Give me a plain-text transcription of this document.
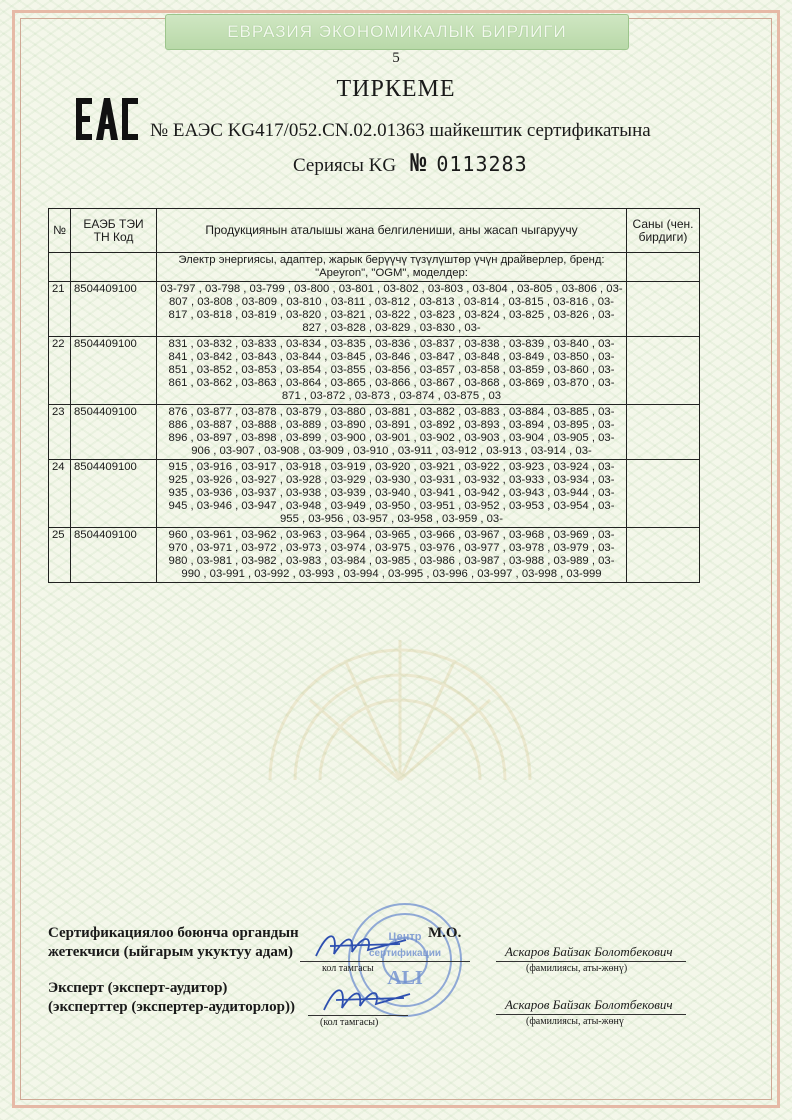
ЕВРАЗИЯ ЭКОНОМИКАЛЫК БИРЛИГИ
5
ТИРКЕМЕ
№ ЕАЭС KG417/052.CN.02.01363 шайкештик сертификатына
Сериясы KG № 0113283
№	ЕАЭБ ТЭИ ТН Код	Продукциянын аталышы жана белгилениши, аны жасап чыгаруучу	Саны (чен. бирдиги)
		Электр энергиясы, адаптер, жарык берүүчү түзүлүштөр үчүн драйверлер, бренд: "Apeyron", "OGM", моделдер:	
21	8504409100	03-797 , 03-798 , 03-799 , 03-800 , 03-801 , 03-802 , 03-803 , 03-804 , 03-805 , 03-806 , 03-807 , 03-808 , 03-809 , 03-810 , 03-811 , 03-812 , 03-813 , 03-814 , 03-815 , 03-816 , 03-817 , 03-818 , 03-819 , 03-820 , 03-821 , 03-822 , 03-823 , 03-824 , 03-825 , 03-826 , 03-827 , 03-828 , 03-829 , 03-830 , 03-	
22	8504409100	831 , 03-832 , 03-833 , 03-834 , 03-835 , 03-836 , 03-837 , 03-838 , 03-839 , 03-840 , 03-841 , 03-842 , 03-843 , 03-844 , 03-845 , 03-846 , 03-847 , 03-848 , 03-849 , 03-850 , 03-851 , 03-852 , 03-853 , 03-854 , 03-855 , 03-856 , 03-857 , 03-858 , 03-859 , 03-860 , 03-861 , 03-862 , 03-863 , 03-864 , 03-865 , 03-866 , 03-867 , 03-868 , 03-869 , 03-870 , 03-871 , 03-872 , 03-873 , 03-874 , 03-875 , 03	
23	8504409100	876 , 03-877 , 03-878 , 03-879 , 03-880 , 03-881 , 03-882 , 03-883 , 03-884 , 03-885 , 03-886 , 03-887 , 03-888 , 03-889 , 03-890 , 03-891 , 03-892 , 03-893 , 03-894 , 03-895 , 03-896 , 03-897 , 03-898 , 03-899 , 03-900 , 03-901 , 03-902 , 03-903 , 03-904 , 03-905 , 03-906 , 03-907 , 03-908 , 03-909 , 03-910 , 03-911 , 03-912 , 03-913 , 03-914 , 03-	
24	8504409100	915 , 03-916 , 03-917 , 03-918 , 03-919 , 03-920 , 03-921 , 03-922 , 03-923 , 03-924 , 03-925 , 03-926 , 03-927 , 03-928 , 03-929 , 03-930 , 03-931 , 03-932 , 03-933 , 03-934 , 03-935 , 03-936 , 03-937 , 03-938 , 03-939 , 03-940 , 03-941 , 03-942 , 03-943 , 03-944 , 03-945 , 03-946 , 03-947 , 03-948 , 03-949 , 03-950 , 03-951 , 03-952 , 03-953 , 03-954 , 03-955 , 03-956 , 03-957 , 03-958 , 03-959 , 03-	
25	8504409100	960 , 03-961 , 03-962 , 03-963 , 03-964 , 03-965 , 03-966 , 03-967 , 03-968 , 03-969 , 03-970 , 03-971 , 03-972 , 03-973 , 03-974 , 03-975 , 03-976 , 03-977 , 03-978 , 03-979 , 03-980 , 03-981 , 03-982 , 03-983 , 03-984 , 03-985 , 03-986 , 03-987 , 03-988 , 03-989 , 03-990 , 03-991 , 03-992 , 03-993 , 03-994 , 03-995 , 03-996 , 03-997 , 03-998 , 03-999	
Центр
сертификации
ALI
Сертификациялоо боюнча органдын
жетекчиси (ыйгарым укуктуу адам)
М.О.
кол тамгасы
Аскаров Байзак Болотбекович
(фамилиясы, аты-жөнү)
Эксперт (эксперт-аудитор)
(эксперттер (экспертер-аудиторлор))
(кол тамгасы)
Аскаров Байзак Болотбекович
(фамилиясы, аты-жөнү
